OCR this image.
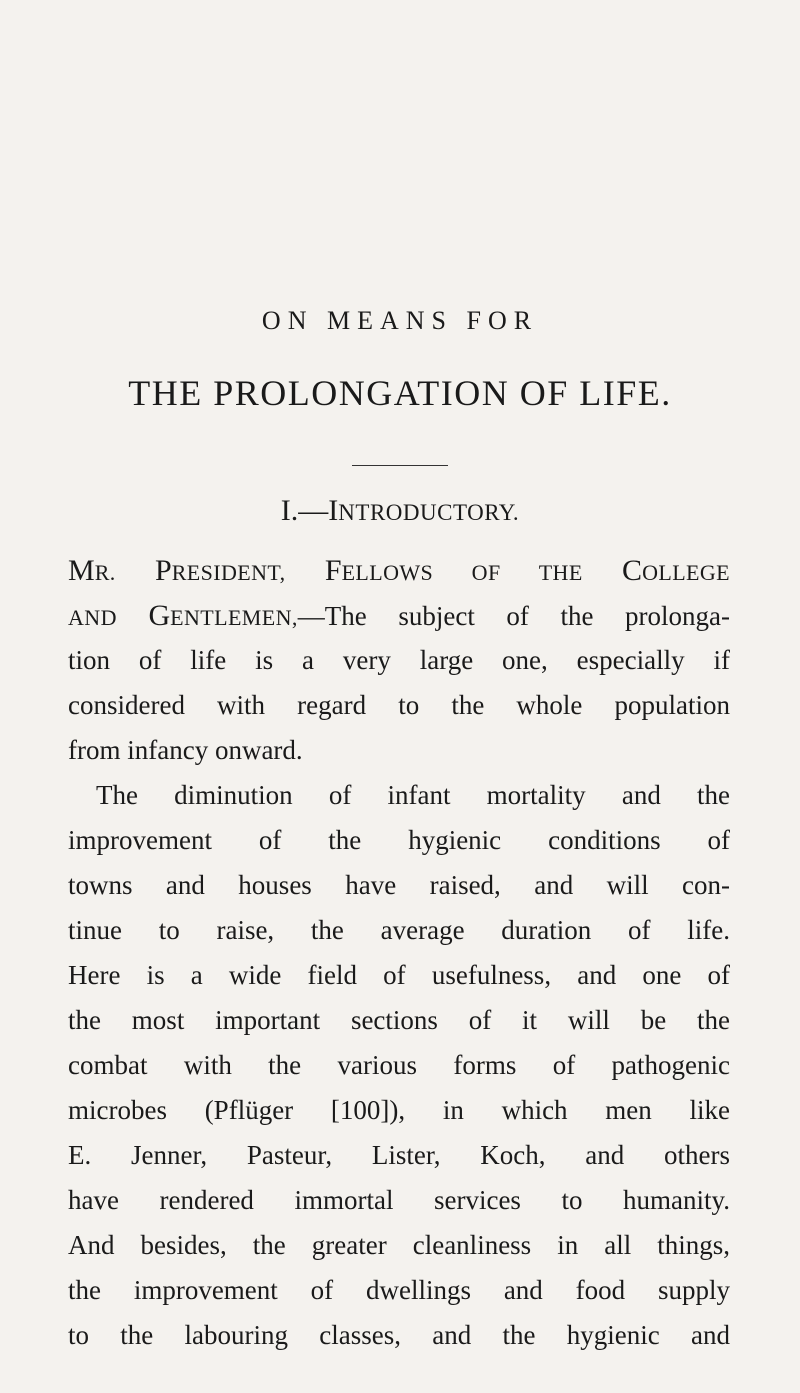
ON MEANS FOR
THE PROLONGATION OF LIFE.
I.—INTRODUCTORY.
MR. PRESIDENT, FELLOWS OF THE COLLEGE
AND GENTLEMEN,—The subject of the prolonga-
tion of life is a very large one, especially if
considered with regard to the whole population
from infancy onward.
The diminution of infant mortality and the
improvement of the hygienic conditions of
towns and houses have raised, and will con-
tinue to raise, the average duration of life.
Here is a wide field of usefulness, and one of
the most important sections of it will be the
combat with the various forms of pathogenic
microbes (Pflüger [100]), in which men like
E. Jenner, Pasteur, Lister, Koch, and others
have rendered immortal services to humanity.
And besides, the greater cleanliness in all things,
the improvement of dwellings and food supply
to the labouring classes, and the hygienic and
